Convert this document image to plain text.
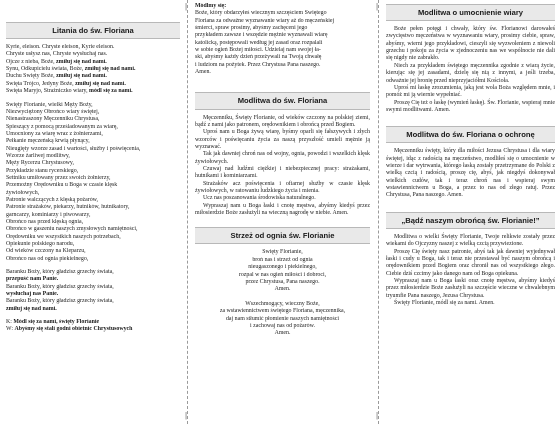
|	|
|	|
Litania do św. Floriana
Kyrie, eleison. Chryste eleison, Kyrie eleison.
Chryste usłysz nas, Chryste wysłuchaj nas.
Ojcze z nieba, Boże, zmiłuj się nad nami.
Synu, Odkupicielu świata, Boże, zmiłuj się nad nami.
Duchu Święty Boże, zmiłuj się nad nami.
Święta Trójco, Jedyny Boże, zmiłuj się nad nami.
Święta Maryjo, Strażniczko wiary, módl się za nami.
Święty Florianie, wielki Męży Boży,
Niezwyciężony Obrońco wiary świętej,
Nienastraszony Męczenniku Chrystusa,
Spieszący z pomocą prześladowanym za wiarę,
Umocniony za wiarę wraz z żołnierzami,
Pełkanie męczeńską krwią płynący,
Nieugięty wzorze zasad i wartości, służby i poświęcenia,
Wzorze żarliwej modlitwy,
Męży Rycerzu Chrystusowy,
Przykładzie stanu rycerskiego,
Settniku umiłowany przez swoich żołnierzy,
Przemożny Orędowniku u Boga w czasie klęsk
żywiołowych,
Patronie walczących z klęską pożarów,
Patronie strażaków, piekarzy, hutników, hutnikatory,
garncarzy, kominiarzy i piwowarzy,
Obrońco nas przed klęską ognia,
Obrońco w gaszeniu naszych zmysłowych namiętności,
Orędowniku we wszystkich naszych potrzebach,
Opiekunie polskiego narodu,
Od wieków czczony na Kleparzu,
Obrońco nas od ognia piekielnego,
Baranku Boży, który gładzisz grzechy świata,
przepuść nam Panie.
Baranku Boży, który gładzisz grzechy świata,
wysłuchaj nas Panie.
Baranku Boży, który gładzisz grzechy świata,
zmiłuj się nad nami.
K: Módl się za nami, święty Florianie
W: Abyśmy się stali godni obietnic Chrystusowych
Módlmy się:
Boże, który obdarzyłeś wiecznym szczęściem Świętego
Floriana za odważne wyznawanie wiary aż do męczeńskiej
śmierci, spraw prosimy, abyśmy zachęceni jego
przykładem zawsze i wszędzie mężnie wyznawali wiarę
katolicką, postępowali według jej zasad oraz rozpalali
w sobie ogień Bożej miłości. Udzielaj nam swojej ła-
ski, abyśmy każdy dzień przeżywali na Twoją chwałę
i ludziom na pożytek. Przez Chrystusa Pana naszego.
Amen.
Modlitwa do św. Floriana
Męczenniku, Święty Florianie, od wieków czczony na polskiej ziemi, bądź z nami jako patronem, orędownikiem i obrońcą przed Bogiem.
Uproś nam u Boga żywą wiarę, byśmy oparli się fałszywych i złych wzorców i poświęcaniu życia za naszą przyszłość umieli mężnie ją wyznawać.
Tak jak dawniej chroń nas od wojny, ognia, powodzi i wszelkich klęsk żywiołowych.
Czuwaj nad ludźmi ciężkiej i niebezpiecznej pracy: strażakami, hutnikami i kominiarzami.
Strażaków acz poświęcenia i ofiarnej służby w czasie klęsk żywiołowych, w ratowaniu ludzkiego życia i mienia.
Ucz nas poszanowania środowiska naturalnego.
Wypraszaj nam u Boga łaski i cnotę męstwa, abyśmy kiedyś przez miłosierdzie Boże zasłużyli na wieczną nagrodę w niebie. Amen.
Strzeż od ognia św. Florianie
Święty Florianie,
broń nas i strzeż od ognia
nieugaszonego i piekielnego,
rozpal w nas ogień miłości i dobroci,
przez Chrystusa, Pana naszego.
Amen.

Wszechmogący, wieczny Boże,
za wstawiennictwem świętego Floriana, męczennika,
daj nam stłumić płomienie naszych namiętności
i zachowaj nas od pożarów.
Amen.
Modlitwa o umocnienie wiary
Boże pełen potęgi i chwały, który św. Florianowi darowałeś zwycięstwo męczeństwa w wyznawaniu wiary, prosimy ciebie, spraw, abyśmy, wierni jego przykładowi, cieszyli się wyzwoleniem z niewoli grzechu i pokoju za życia w zjednoczeniu nas we wspólnocie nie dali się nigdy nie zabrakło.
Niech za przykładem świętego męczennika zgodnie z wiarą życie, kierując się jej zasadami, dzielę się nią z innymi, a jeśli trzeba, odważnie jej bronię przed nieprzyjaciółmi Kościoła.
Uproś mi łaskę zrozumienia, jaką jest wola Boża względem mnie, i pomóż mi ją wiernie wypełniać.
Proszę Cię też o łaskę (wymień łaskę). Św. Florianie, wspieraj mnie swymi modlitwami. Amen.
Modlitwa do św. Floriana o ochronę
Męczenniku święty, który dla miłości Jezusa Chrystusa i dla wiary świętej, idąc z radością na męczeństwo, modliłeś się o umocnienie w wierze i dar wytrwania, którego łaską zostały przetrzymane do Polski z wielką czcią i radością, proszę cię, abyś, jak niegdyś dokonywał wielkich cudów, tak i teraz chroń nas i wspieraj swym wstawiennictwem u Boga, a przez to nas od złego ratuj. Przez Chrystusa, Pana naszego. Amen.
„Bądź naszym obrońcą św. Florianie!”
Modlitwa o wielki Święty Florianie, Twoje relikwie zostały przez wiekami do Ojczyzny naszej z wielką czcią przywiezione.
Proszę Cię święty nasz patronie, abyś tak jak dawniej wyjednywał łaski i cudy u Boga, tak i teraz nie przestawał być naszym obrońcą i orędownikiem przed Bogiem oraz chronił nas od wszystkiego złego. Ciebie dziś czcimy jako danego nam od Boga opiekuna.
Wypraszaj nam u Boga łaski oraz cnotę męstwa, abyśmy kiedyś przez miłosierdzie Boże zasłużyli na szczęście wieczne w chwalebnym tryumfie Pana naszego, Jezusa Chrystusa.
Święty Florianie, módl się za nami. Amen.
